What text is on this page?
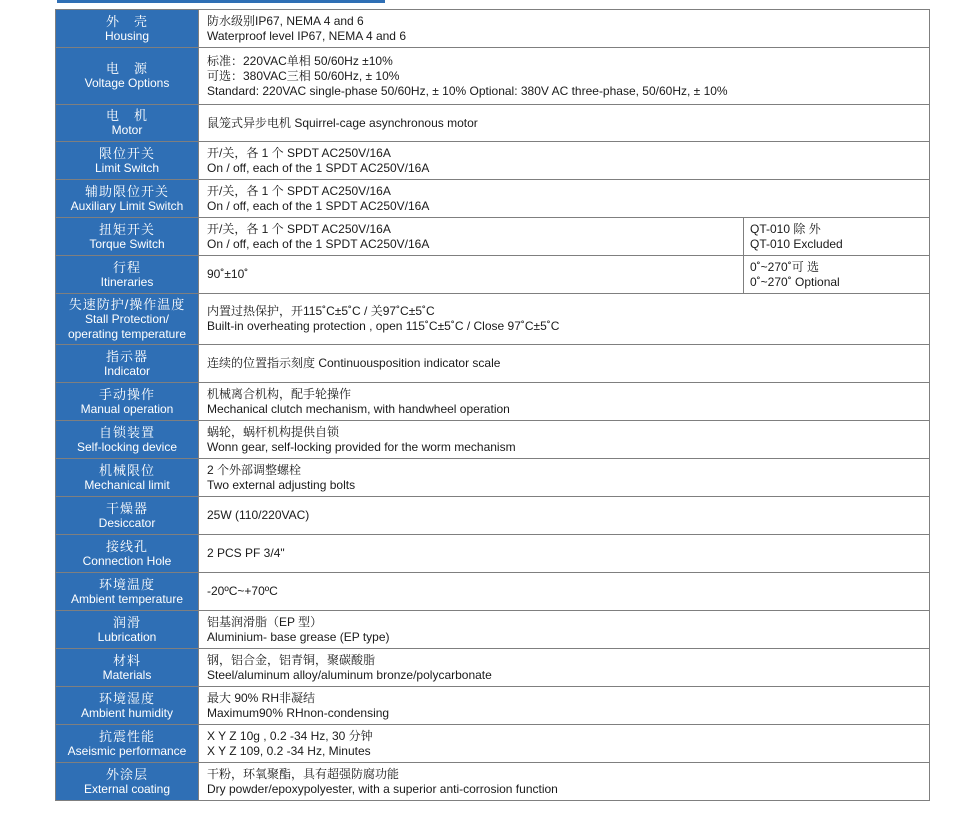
外　壳
Housing	防水级别IP67, NEMA 4 and 6
Waterproof level IP67, NEMA 4 and 6	

电　源
Voltage Options	标准：220VAC单相 50/60Hz ±10%
可选：380VAC三相 50/60Hz, ± 10%
Standard: 220VAC single-phase 50/60Hz, ± 10% Optional: 380V AC three-phase, 50/60Hz, ± 10%	

电　机
Motor	鼠笼式异步电机 Squirrel-cage asynchronous motor	

限位开关
Limit Switch	开/关，各 1 个 SPDT AC250V/16A
On / off, each of the 1 SPDT AC250V/16A	

辅助限位开关
Auxiliary Limit Switch	开/关，各 1 个 SPDT AC250V/16A
On / off, each of the 1 SPDT AC250V/16A	

扭矩开关
Torque Switch	开/关，各 1 个 SPDT AC250V/16A
On / off, each of the 1 SPDT AC250V/16A	QT-010 除 外
QT-010 Excluded

行程
Itineraries	90˚±10˚	0˚~270˚可 选
0˚~270˚ Optional

失速防护/操作温度
Stall Protection/
operating temperature	内置过热保护，开115˚C±5˚C / 关97˚C±5˚C
Built-in overheating protection , open 115˚C±5˚C / Close 97˚C±5˚C	

指示器
Indicator	连续的位置指示刻度 Continuousposition indicator scale	

手动操作
Manual operation	机械离合机构，配手轮操作
Mechanical clutch mechanism, with handwheel operation	

自锁装置
Self-locking device	蜗轮，蜗杆机构提供自锁
Wonn gear, self-locking provided for the worm mechanism	

机械限位
Mechanical limit	2 个外部调整螺栓
Two external adjusting bolts	

干燥器
Desiccator	25W (110/220VAC)	

接线孔
Connection Hole	2 PCS PF 3/4"	

环境温度
Ambient temperature	-20ºC~+70ºC	

润滑
Lubrication	铝基润滑脂（EP 型）
Aluminium- base grease (EP type)	

材料
Materials	钢，铝合金，铝青铜，聚碳酸脂
Steel/aluminum alloy/aluminum bronze/polycarbonate	

环境湿度
Ambient humidity	最大 90% RH非凝结
Maximum90% RHnon-condensing	

抗震性能
Aseismic performance	X Y Z 10g , 0.2 -34 Hz, 30 分钟
X Y Z 109, 0.2 -34 Hz, Minutes	

外涂层
External coating	干粉，环氧聚酯，具有超强防腐功能
Dry powder/epoxypolyester, with a superior anti-corrosion function	
